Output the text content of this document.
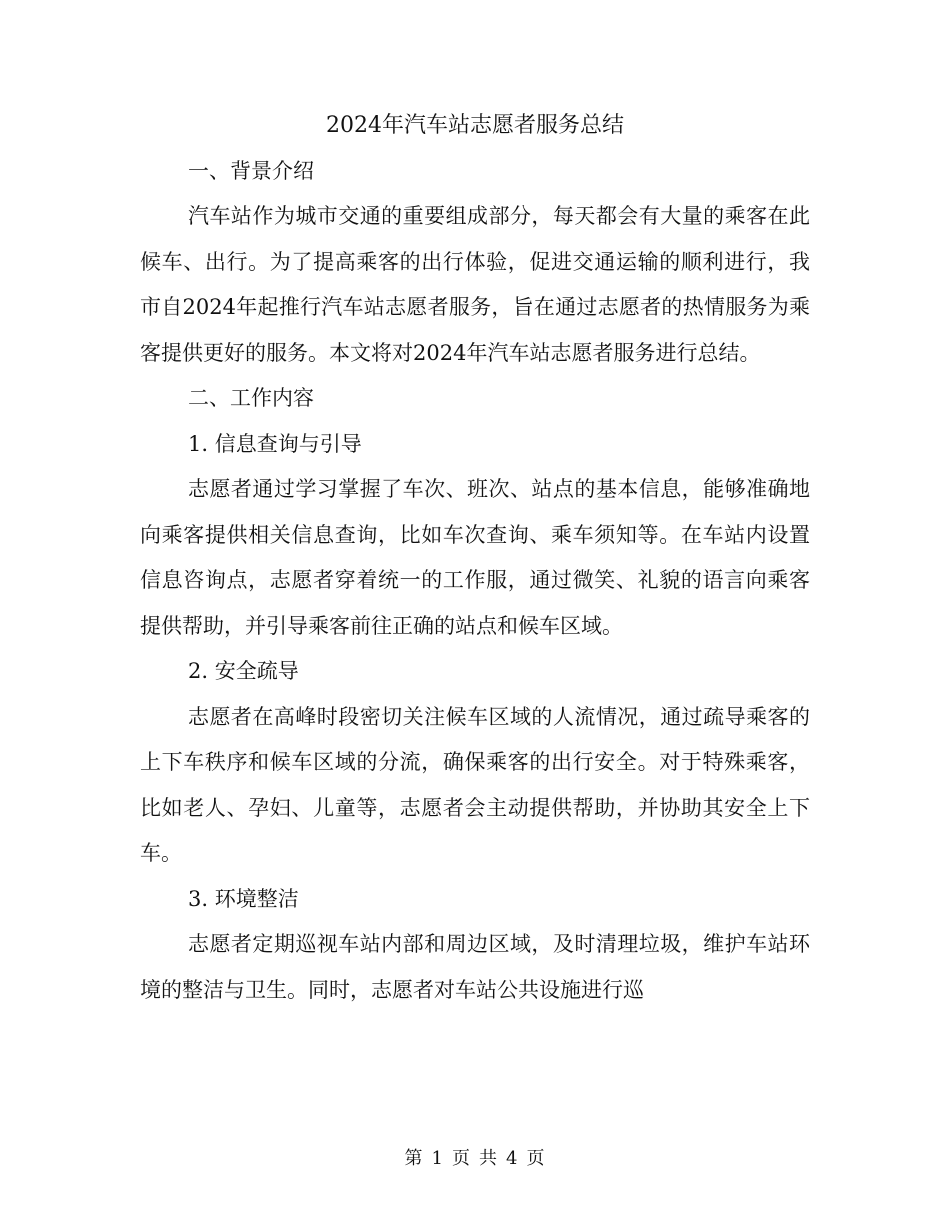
2024年汽车站志愿者服务总结

一、背景介绍

汽车站作为城市交通的重要组成部分，每天都会有大量的乘客在此候车、出行。为了提高乘客的出行体验，促进交通运输的顺利进行，我市自2024年起推行汽车站志愿者服务，旨在通过志愿者的热情服务为乘客提供更好的服务。本文将对2024年汽车站志愿者服务进行总结。

二、工作内容

1. 信息查询与引导

志愿者通过学习掌握了车次、班次、站点的基本信息，能够准确地向乘客提供相关信息查询，比如车次查询、乘车须知等。在车站内设置信息咨询点，志愿者穿着统一的工作服，通过微笑、礼貌的语言向乘客提供帮助，并引导乘客前往正确的站点和候车区域。

2. 安全疏导

志愿者在高峰时段密切关注候车区域的人流情况，通过疏导乘客的上下车秩序和候车区域的分流，确保乘客的出行安全。对于特殊乘客，比如老人、孕妇、儿童等，志愿者会主动提供帮助，并协助其安全上下车。

3. 环境整洁

志愿者定期巡视车站内部和周边区域，及时清理垃圾，维护车站环境的整洁与卫生。同时，志愿者对车站公共设施进行巡

第 1 页 共 4 页
